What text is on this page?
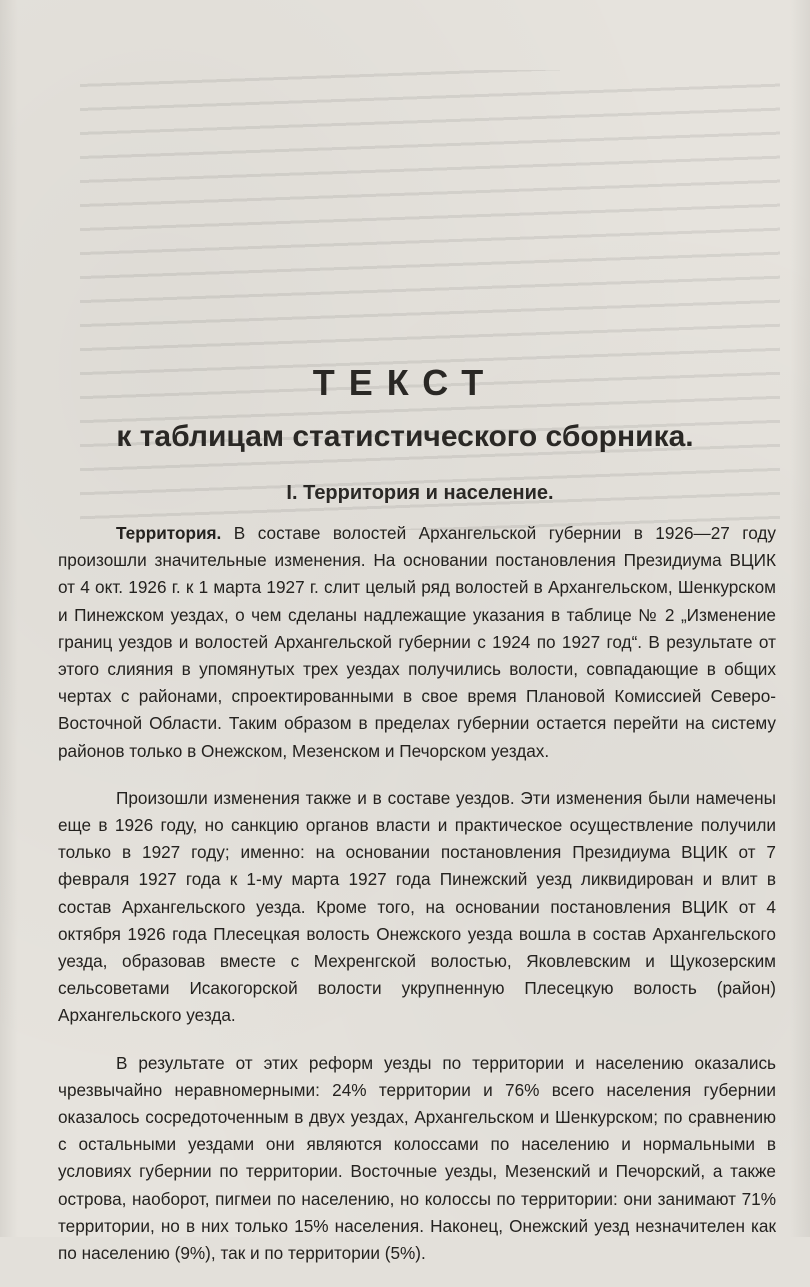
ТЕКСТ
к таблицам статистического сборника.
I. Территория и население.

Территория. В составе волостей Архангельской губернии в 1926—27 году произошли значительные изменения. На основании постановления Президиума ВЦИК от 4 окт. 1926 г. к 1 марта 1927 г. слит целый ряд волостей в Архангельском, Шенкурском и Пинежском уездах, о чем сделаны надлежащие указания в таблице № 2 „Изменение границ уездов и волостей Архангельской губернии с 1924 по 1927 год“. В результате от этого слияния в упомянутых трех уездах получились волости, совпадающие в общих чертах с районами, спроектированными в свое время Плановой Комиссией Северо-Восточной Области. Таким образом в пределах губернии остается перейти на систему районов только в Онежском, Мезенском и Печорском уездах.

Произошли изменения также и в составе уездов. Эти изменения были намечены еще в 1926 году, но санкцию органов власти и практическое осуществление получили только в 1927 году; именно: на основании постановления Президиума ВЦИК от 7 февраля 1927 года к 1-му марта 1927 года Пинежский уезд ликвидирован и влит в состав Архангельского уезда. Кроме того, на основании постановления ВЦИК от 4 октября 1926 года Плесецкая волость Онежского уезда вошла в состав Архангельского уезда, образовав вместе с Мехренгской волостью, Яковлевским и Щукозерским сельсоветами Исакогорской волости укрупненную Плесецкую волость (район) Архангельского уезда.

В результате от этих реформ уезды по территории и населению оказались чрезвычайно неравномерными: 24% территории и 76% всего населения губернии оказалось сосредоточенным в двух уездах, Архангельском и Шенкурском; по сравнению с остальными уездами они являются колоссами по населению и нормальными в условиях губернии по территории. Восточные уезды, Мезенский и Печорский, а также острова, наоборот, пигмеи по населению, но колоссы по территории: они занимают 71% территории, но в них только 15% населения. Наконец, Онежский уезд незначителен как по населению (9%), так и по территории (5%).
